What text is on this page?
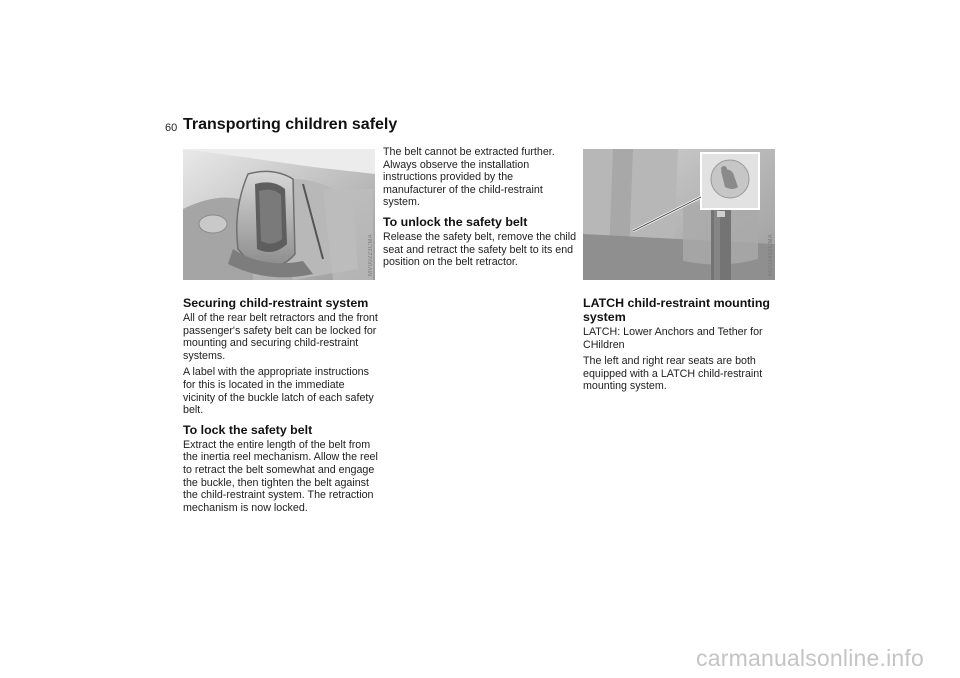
60 Transporting children safely
MV00223CMA	MV03492CMA
Securing child-restraint system

All of the rear belt retractors and the front passenger's safety belt can be locked for mounting and securing child-restraint systems.

A label with the appropriate instructions for this is located in the immediate vicinity of the buckle latch of each safety belt.

To lock the safety belt

Extract the entire length of the belt from the inertia reel mechanism. Allow the reel to retract the belt somewhat and engage the buckle, then tighten the belt against the child-restraint system. The retraction mechanism is now locked.

The belt cannot be extracted further. Always observe the installation instructions provided by the manufacturer of the child-restraint system.

To unlock the safety belt

Release the safety belt, remove the child seat and retract the safety belt to its end position on the belt retractor.

LATCH child-restraint mounting system

LATCH: Lower Anchors and Tether for CHildren

The left and right rear seats are both equipped with a LATCH child-restraint mounting system.

carmanualsonline.info
